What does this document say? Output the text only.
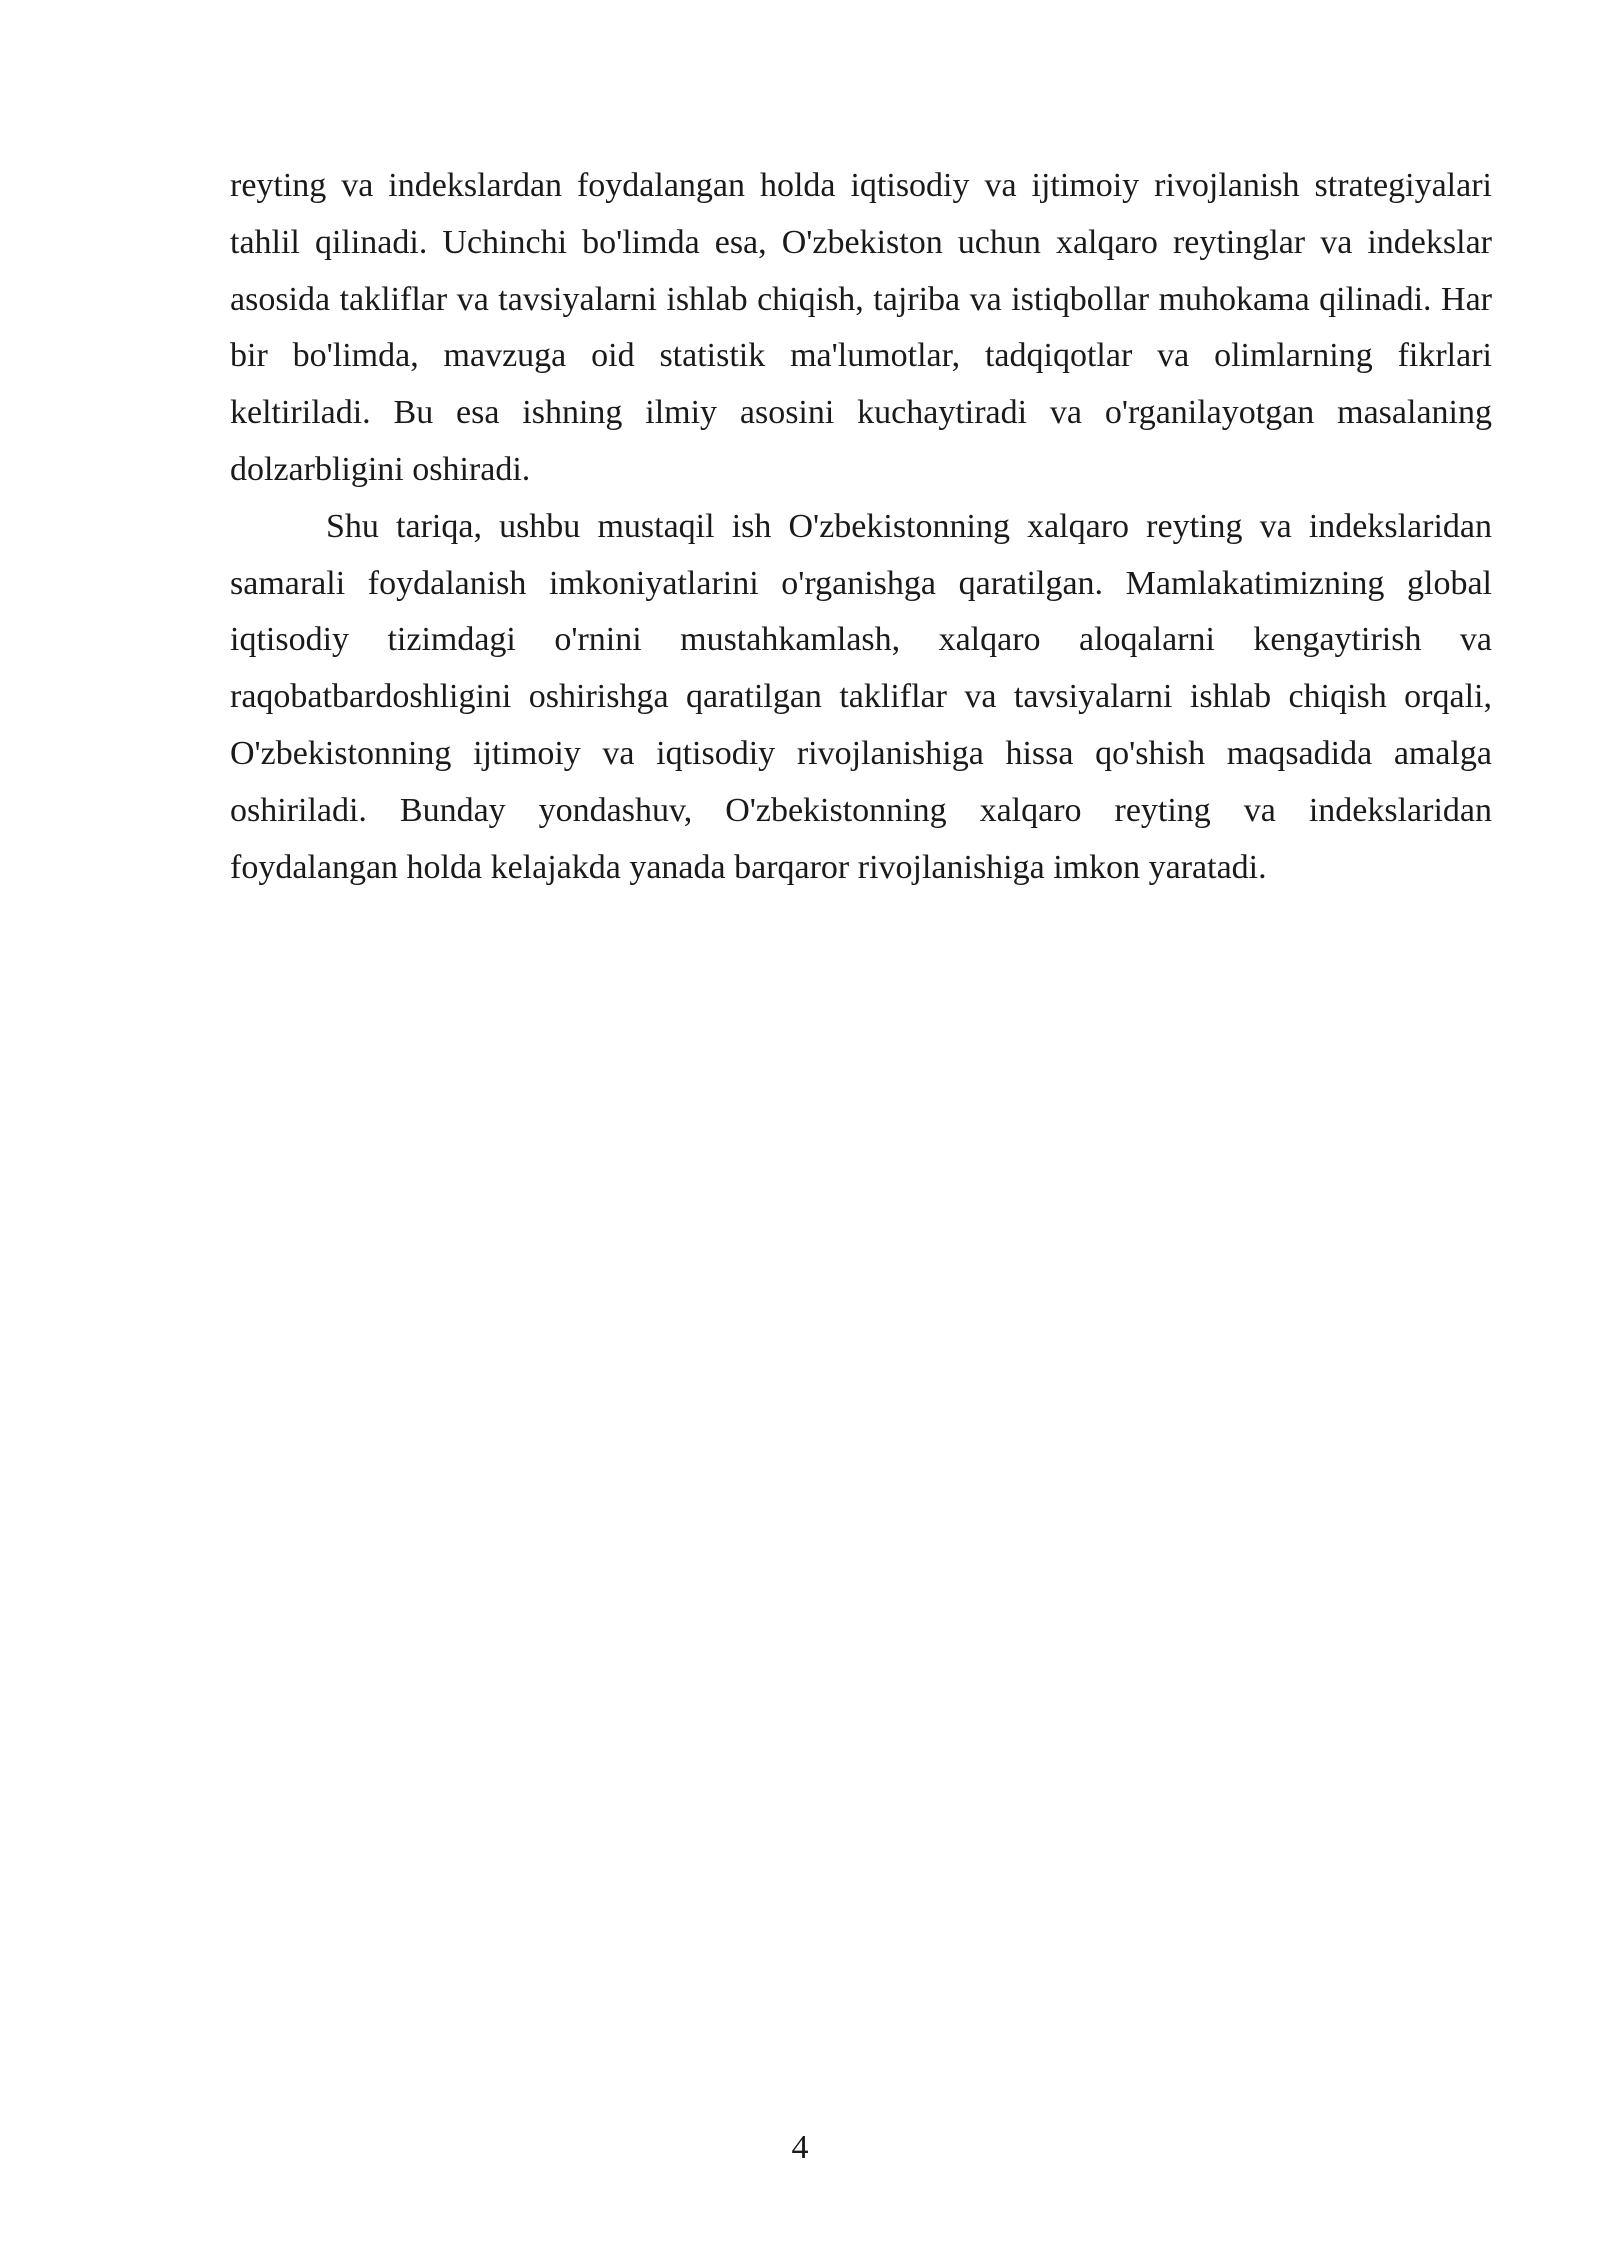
reyting va indekslardan foydalangan holda iqtisodiy va ijtimoiy rivojlanish strategiyalari tahlil qilinadi. Uchinchi bo'limda esa, O'zbekiston uchun xalqaro reytinglar va indekslar asosida takliflar va tavsiyalarni ishlab chiqish, tajriba va istiqbollar muhokama qilinadi. Har bir bo'limda, mavzuga oid statistik ma'lumotlar, tadqiqotlar va olimlarning fikrlari keltiriladi. Bu esa ishning ilmiy asosini kuchaytiradi va o'rganilayotgan masalaning dolzarbligini oshiradi.

Shu tariqa, ushbu mustaqil ish O'zbekistonning xalqaro reyting va indekslaridan samarali foydalanish imkoniyatlarini o'rganishga qaratilgan. Mamlakatimizning global iqtisodiy tizimdagi o'rnini mustahkamlash, xalqaro aloqalarni kengaytirish va raqobatbardoshligini oshirishga qaratilgan takliflar va tavsiyalarni ishlab chiqish orqali, O'zbekistonning ijtimoiy va iqtisodiy rivojlanishiga hissa qo'shish maqsadida amalga oshiriladi. Bunday yondashuv, O'zbekistonning xalqaro reyting va indekslaridan foydalangan holda kelajakda yanada barqaror rivojlanishiga imkon yaratadi.

4
